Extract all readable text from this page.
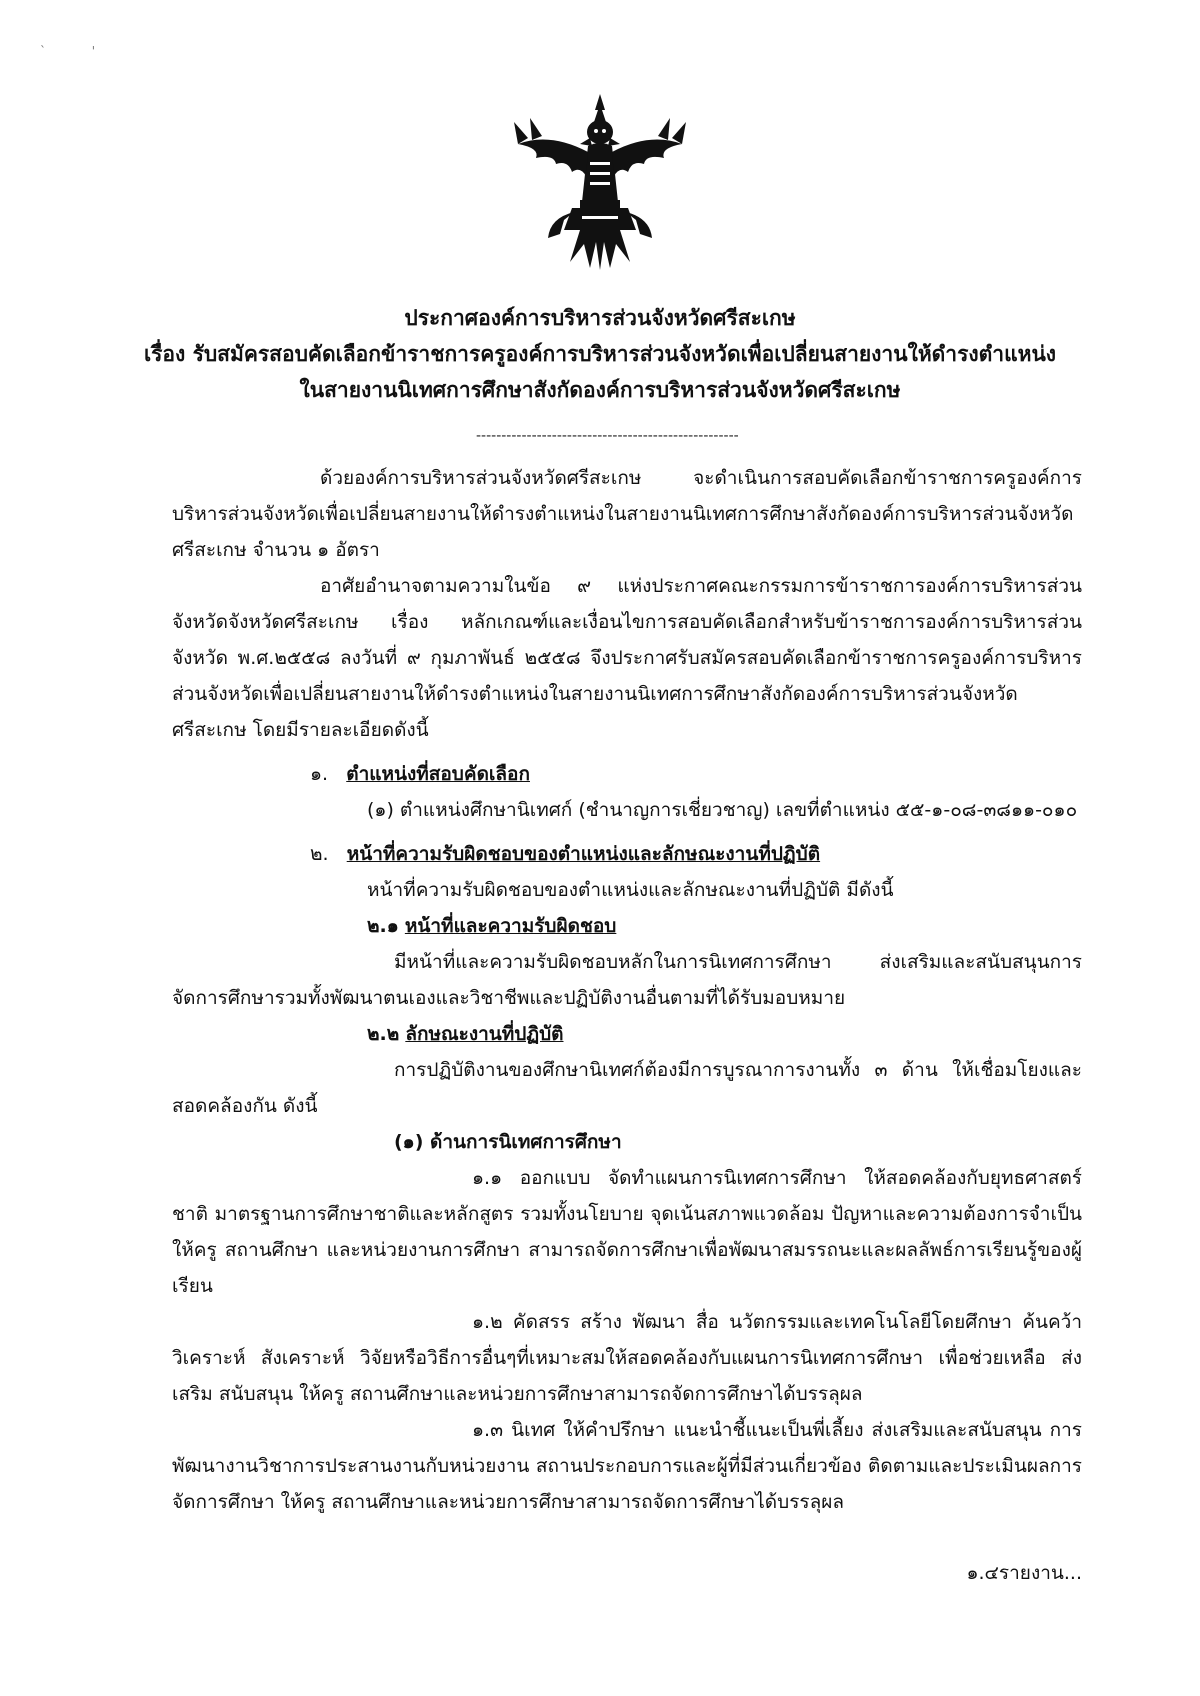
`            '
ประกาศองค์การบริหารส่วนจังหวัดศรีสะเกษ
เรื่อง รับสมัครสอบคัดเลือกข้าราชการครูองค์การบริหารส่วนจังหวัดเพื่อเปลี่ยนสายงานให้ดำรงตำแหน่ง
ในสายงานนิเทศการศึกษาสังกัดองค์การบริหารส่วนจังหวัดศรีสะเกษ
----------------------------------------------------

ด้วยองค์การบริหารส่วนจังหวัดศรีสะเกษ จะดำเนินการสอบคัดเลือกข้าราชการครูองค์การบริหารส่วนจังหวัดเพื่อเปลี่ยนสายงานให้ดำรงตำแหน่งในสายงานนิเทศการศึกษาสังกัดองค์การบริหารส่วนจังหวัดศรีสะเกษ จำนวน ๑ อัตรา

อาศัยอำนาจตามความในข้อ ๙ แห่งประกาศคณะกรรมการข้าราชการองค์การบริหารส่วนจังหวัดจังหวัดศรีสะเกษ เรื่อง หลักเกณฑ์และเงื่อนไขการสอบคัดเลือกสำหรับข้าราชการองค์การบริหารส่วนจังหวัด พ.ศ.๒๕๕๘ ลงวันที่ ๙ กุมภาพันธ์ ๒๕๕๘ จึงประกาศรับสมัครสอบคัดเลือกข้าราชการครูองค์การบริหารส่วนจังหวัดเพื่อเปลี่ยนสายงานให้ดำรงตำแหน่งในสายงานนิเทศการศึกษาสังกัดองค์การบริหารส่วนจังหวัดศรีสะเกษ โดยมีรายละเอียดดังนี้

๑. ตำแหน่งที่สอบคัดเลือก

(๑) ตำแหน่งศึกษานิเทศก์ (ชำนาญการเชี่ยวชาญ) เลขที่ตำแหน่ง ๕๕-๑-๐๘-๓๘๑๑-๐๑๐

๒. หน้าที่ความรับผิดชอบของตำแหน่งและลักษณะงานที่ปฏิบัติ

หน้าที่ความรับผิดชอบของตำแหน่งและลักษณะงานที่ปฏิบัติ มีดังนี้

๒.๑ หน้าที่และความรับผิดชอบ

มีหน้าที่และความรับผิดชอบหลักในการนิเทศการศึกษา ส่งเสริมและสนับสนุนการจัดการศึกษารวมทั้งพัฒนาตนเองและวิชาชีพและปฏิบัติงานอื่นตามที่ได้รับมอบหมาย

๒.๒ ลักษณะงานที่ปฏิบัติ

การปฏิบัติงานของศึกษานิเทศก์ต้องมีการบูรณาการงานทั้ง ๓ ด้าน ให้เชื่อมโยงและสอดคล้องกัน ดังนี้

(๑) ด้านการนิเทศการศึกษา

๑.๑ ออกแบบ จัดทำแผนการนิเทศการศึกษา ให้สอดคล้องกับยุทธศาสตร์ชาติ มาตรฐานการศึกษาชาติและหลักสูตร รวมทั้งนโยบาย จุดเน้นสภาพแวดล้อม ปัญหาและความต้องการจำเป็น ให้ครู สถานศึกษา และหน่วยงานการศึกษา สามารถจัดการศึกษาเพื่อพัฒนาสมรรถนะและผลลัพธ์การเรียนรู้ของผู้เรียน

๑.๒ คัดสรร สร้าง พัฒนา สื่อ นวัตกรรมและเทคโนโลยีโดยศึกษา ค้นคว้า วิเคราะห์ สังเคราะห์ วิจัยหรือวิธีการอื่นๆที่เหมาะสมให้สอดคล้องกับแผนการนิเทศการศึกษา เพื่อช่วยเหลือ ส่งเสริม สนับสนุน ให้ครู สถานศึกษาและหน่วยการศึกษาสามารถจัดการศึกษาได้บรรลุผล

๑.๓ นิเทศ ให้คำปรึกษา แนะนำชี้แนะเป็นพี่เลี้ยง ส่งเสริมและสนับสนุน การพัฒนางานวิชาการประสานงานกับหน่วยงาน สถานประกอบการและผู้ที่มีส่วนเกี่ยวข้อง ติดตามและประเมินผลการจัดการศึกษา ให้ครู สถานศึกษาและหน่วยการศึกษาสามารถจัดการศึกษาได้บรรลุผล

๑.๔รายงาน...
